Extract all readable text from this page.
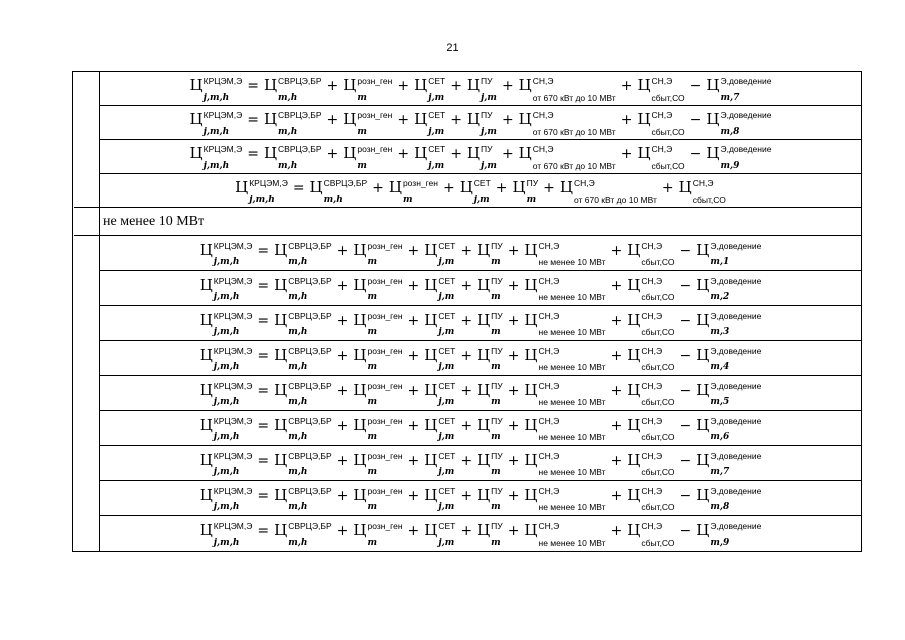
21
Ц КРЦЭМ,Э
j,m,h
= Ц СВРЦЭ,БР
m,h
+ Ц розн_ген
m
+ Ц СЕТ
j,m
+ Ц ПУ
j,m
+ Ц СН,Э
от 670 кВт до 10 МВт
+ Ц СН,Э
сбыт,СО
− Ц Э,доведение
m,7
Ц КРЦЭМ,Э
j,m,h
= Ц СВРЦЭ,БР
m,h
+ Ц розн_ген
m
+ Ц СЕТ
j,m
+ Ц ПУ
j,m
+ Ц СН,Э
от 670 кВт до 10 МВт
+ Ц СН,Э
сбыт,СО
− Ц Э,доведение
m,8
Ц КРЦЭМ,Э
j,m,h
= Ц СВРЦЭ,БР
m,h
+ Ц розн_ген
m
+ Ц СЕТ
j,m
+ Ц ПУ
j,m
+ Ц СН,Э
от 670 кВт до 10 МВт
+ Ц СН,Э
сбыт,СО
− Ц Э,доведение
m,9
Ц КРЦЭМ,Э
j,m,h
= Ц СВРЦЭ,БР
m,h
+ Ц розн_ген
m
+ Ц СЕТ
j,m
+ Ц ПУ
m
+ Ц СН,Э
от 670 кВт до 10 МВт
+ Ц СН,Э
сбыт,СО
не менее 10 МВт
Ц КРЦЭМ,Э
j,m,h
= Ц СВРЦЭ,БР
m,h
+ Ц розн_ген
m
+ Ц СЕТ
j,m
+ Ц ПУ
m
+ Ц СН,Э
не менее 10 МВт
+ Ц СН,Э
сбыт,СО
− Ц Э,доведение
m,1
Ц КРЦЭМ,Э
j,m,h
= Ц СВРЦЭ,БР
m,h
+ Ц розн_ген
m
+ Ц СЕТ
j,m
+ Ц ПУ
m
+ Ц СН,Э
не менее 10 МВт
+ Ц СН,Э
сбыт,СО
− Ц Э,доведение
m,2
Ц КРЦЭМ,Э
j,m,h
= Ц СВРЦЭ,БР
m,h
+ Ц розн_ген
m
+ Ц СЕТ
j,m
+ Ц ПУ
m
+ Ц СН,Э
не менее 10 МВт
+ Ц СН,Э
сбыт,СО
− Ц Э,доведение
m,3
Ц КРЦЭМ,Э
j,m,h
= Ц СВРЦЭ,БР
m,h
+ Ц розн_ген
m
+ Ц СЕТ
j,m
+ Ц ПУ
m
+ Ц СН,Э
не менее 10 МВт
+ Ц СН,Э
сбыт,СО
− Ц Э,доведение
m,4
Ц КРЦЭМ,Э
j,m,h
= Ц СВРЦЭ,БР
m,h
+ Ц розн_ген
m
+ Ц СЕТ
j,m
+ Ц ПУ
m
+ Ц СН,Э
не менее 10 МВт
+ Ц СН,Э
сбыт,СО
− Ц Э,доведение
m,5
Ц КРЦЭМ,Э
j,m,h
= Ц СВРЦЭ,БР
m,h
+ Ц розн_ген
m
+ Ц СЕТ
j,m
+ Ц ПУ
m
+ Ц СН,Э
не менее 10 МВт
+ Ц СН,Э
сбыт,СО
− Ц Э,доведение
m,6
Ц КРЦЭМ,Э
j,m,h
= Ц СВРЦЭ,БР
m,h
+ Ц розн_ген
m
+ Ц СЕТ
j,m
+ Ц ПУ
m
+ Ц СН,Э
не менее 10 МВт
+ Ц СН,Э
сбыт,СО
− Ц Э,доведение
m,7
Ц КРЦЭМ,Э
j,m,h
= Ц СВРЦЭ,БР
m,h
+ Ц розн_ген
m
+ Ц СЕТ
j,m
+ Ц ПУ
m
+ Ц СН,Э
не менее 10 МВт
+ Ц СН,Э
сбыт,СО
− Ц Э,доведение
m,8
Ц КРЦЭМ,Э
j,m,h
= Ц СВРЦЭ,БР
m,h
+ Ц розн_ген
m
+ Ц СЕТ
j,m
+ Ц ПУ
m
+ Ц СН,Э
не менее 10 МВт
+ Ц СН,Э
сбыт,СО
− Ц Э,доведение
m,9
